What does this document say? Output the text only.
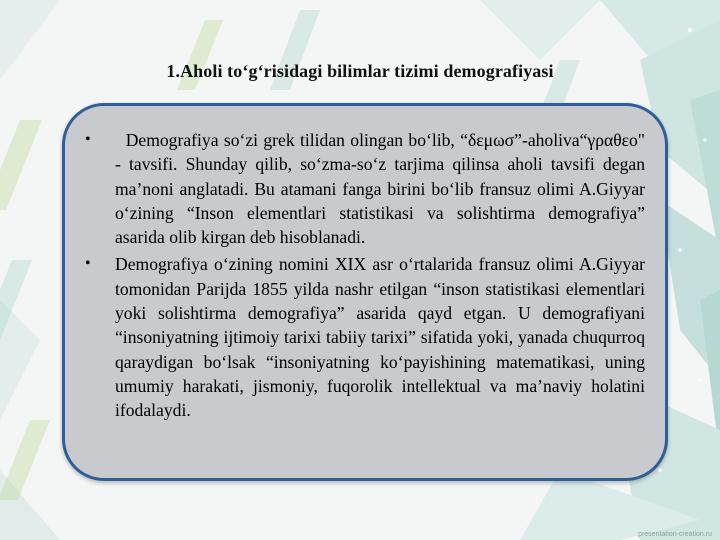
1.Aholi to‘g‘risidagi bilimlar tizimi demografiyasi
• Demografiya so‘zi grek tilidan olingan bo‘lib, “δεμωσ”-aholiva“γραθεο" - tavsifi. Shunday qilib, so‘zma-so‘z tarjima qilinsa aholi tavsifi degan ma’noni anglatadi. Bu atamani fanga birini bo‘lib fransuz olimi A.Giyyar o‘zining “Inson elementlari statistikasi va solishtirma demografiya” asarida olib kirgan deb hisoblanadi.
• Demografiya o‘zining nomini XIX asr o‘rtalarida fransuz olimi A.Giyyar tomonidan Parijda 1855 yilda nashr etilgan “inson statistikasi elementlari yoki solishtirma demografiya” asarida qayd etgan. U demografiyani “insoniyatning ijtimoiy tarixi tabiiy tarixi” sifatida yoki, yanada chuqurroq qaraydigan bo‘lsak “insoniyatning ko‘payishining matematikasi, uning umumiy harakati, jismoniy, fuqorolik intellektual va ma’naviy holatini ifodalaydi.
presentation-creation.ru
